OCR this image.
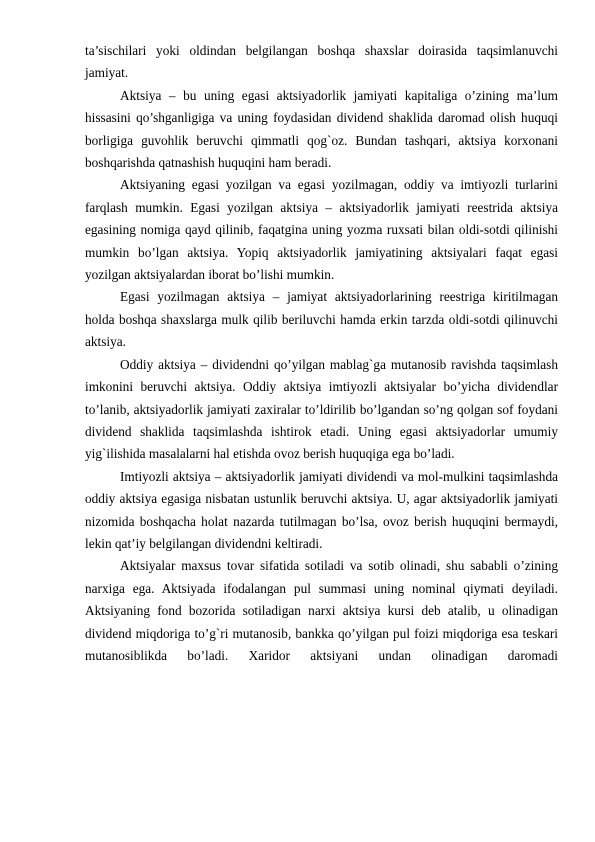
ta’sischilari yoki oldindan belgilangan boshqa shaxslar doirasida taqsimlanuvchi jamiyat.

Aktsiya – bu uning egasi aktsiyadorlik jamiyati kapitaliga o’zining ma’lum hissasini qo’shganligiga va uning foydasidan dividend shaklida daromad olish huquqi borligiga guvohlik beruvchi qimmatli qog`oz. Bundan tashqari, aktsiya korxonani boshqarishda qatnashish huquqini ham beradi.

Aktsiyaning egasi yozilgan va egasi yozilmagan, oddiy va imtiyozli turlarini farqlash mumkin. Egasi yozilgan aktsiya – aktsiyadorlik jamiyati reestrida aktsiya egasining nomiga qayd qilinib, faqatgina uning yozma ruxsati bilan oldi-sotdi qilinishi mumkin bo’lgan aktsiya. Yopiq aktsiyadorlik jamiyatining aktsiyalari faqat egasi yozilgan aktsiyalardan iborat bo’lishi mumkin.

Egasi yozilmagan aktsiya – jamiyat aktsiyadorlarining reestriga kiritilmagan holda boshqa shaxslarga mulk qilib beriluvchi hamda erkin tarzda oldi-sotdi qilinuvchi aktsiya.

Oddiy aktsiya – dividendni qo’yilgan mablag`ga mutanosib ravishda taqsimlash imkonini beruvchi aktsiya. Oddiy aktsiya imtiyozli aktsiyalar bo’yicha dividendlar to’lanib, aktsiyadorlik jamiyati zaxiralar to’ldirilib bo’lgandan so’ng qolgan sof foydani dividend shaklida taqsimlashda ishtirok etadi. Uning egasi aktsiyadorlar umumiy yig`ilishida masalalarni hal etishda ovoz berish huquqiga ega bo’ladi.

Imtiyozli aktsiya – aktsiyadorlik jamiyati dividendi va mol-mulkini taqsimlashda oddiy aktsiya egasiga nisbatan ustunlik beruvchi aktsiya. U, agar aktsiyadorlik jamiyati nizomida boshqacha holat nazarda tutilmagan bo’lsa, ovoz berish huquqini bermaydi, lekin qat’iy belgilangan dividendni keltiradi.

Aktsiyalar maxsus tovar sifatida sotiladi va sotib olinadi, shu sababli o’zining narxiga ega. Aktsiyada ifodalangan pul summasi uning nominal qiymati deyiladi. Aktsiyaning fond bozorida sotiladigan narxi aktsiya kursi deb atalib, u olinadigan dividend miqdoriga to’g`ri mutanosib, bankka qo’yilgan pul foizi miqdoriga esa teskari mutanosiblikda bo’ladi. Xaridor aktsiyani undan olinadigan daromadi
